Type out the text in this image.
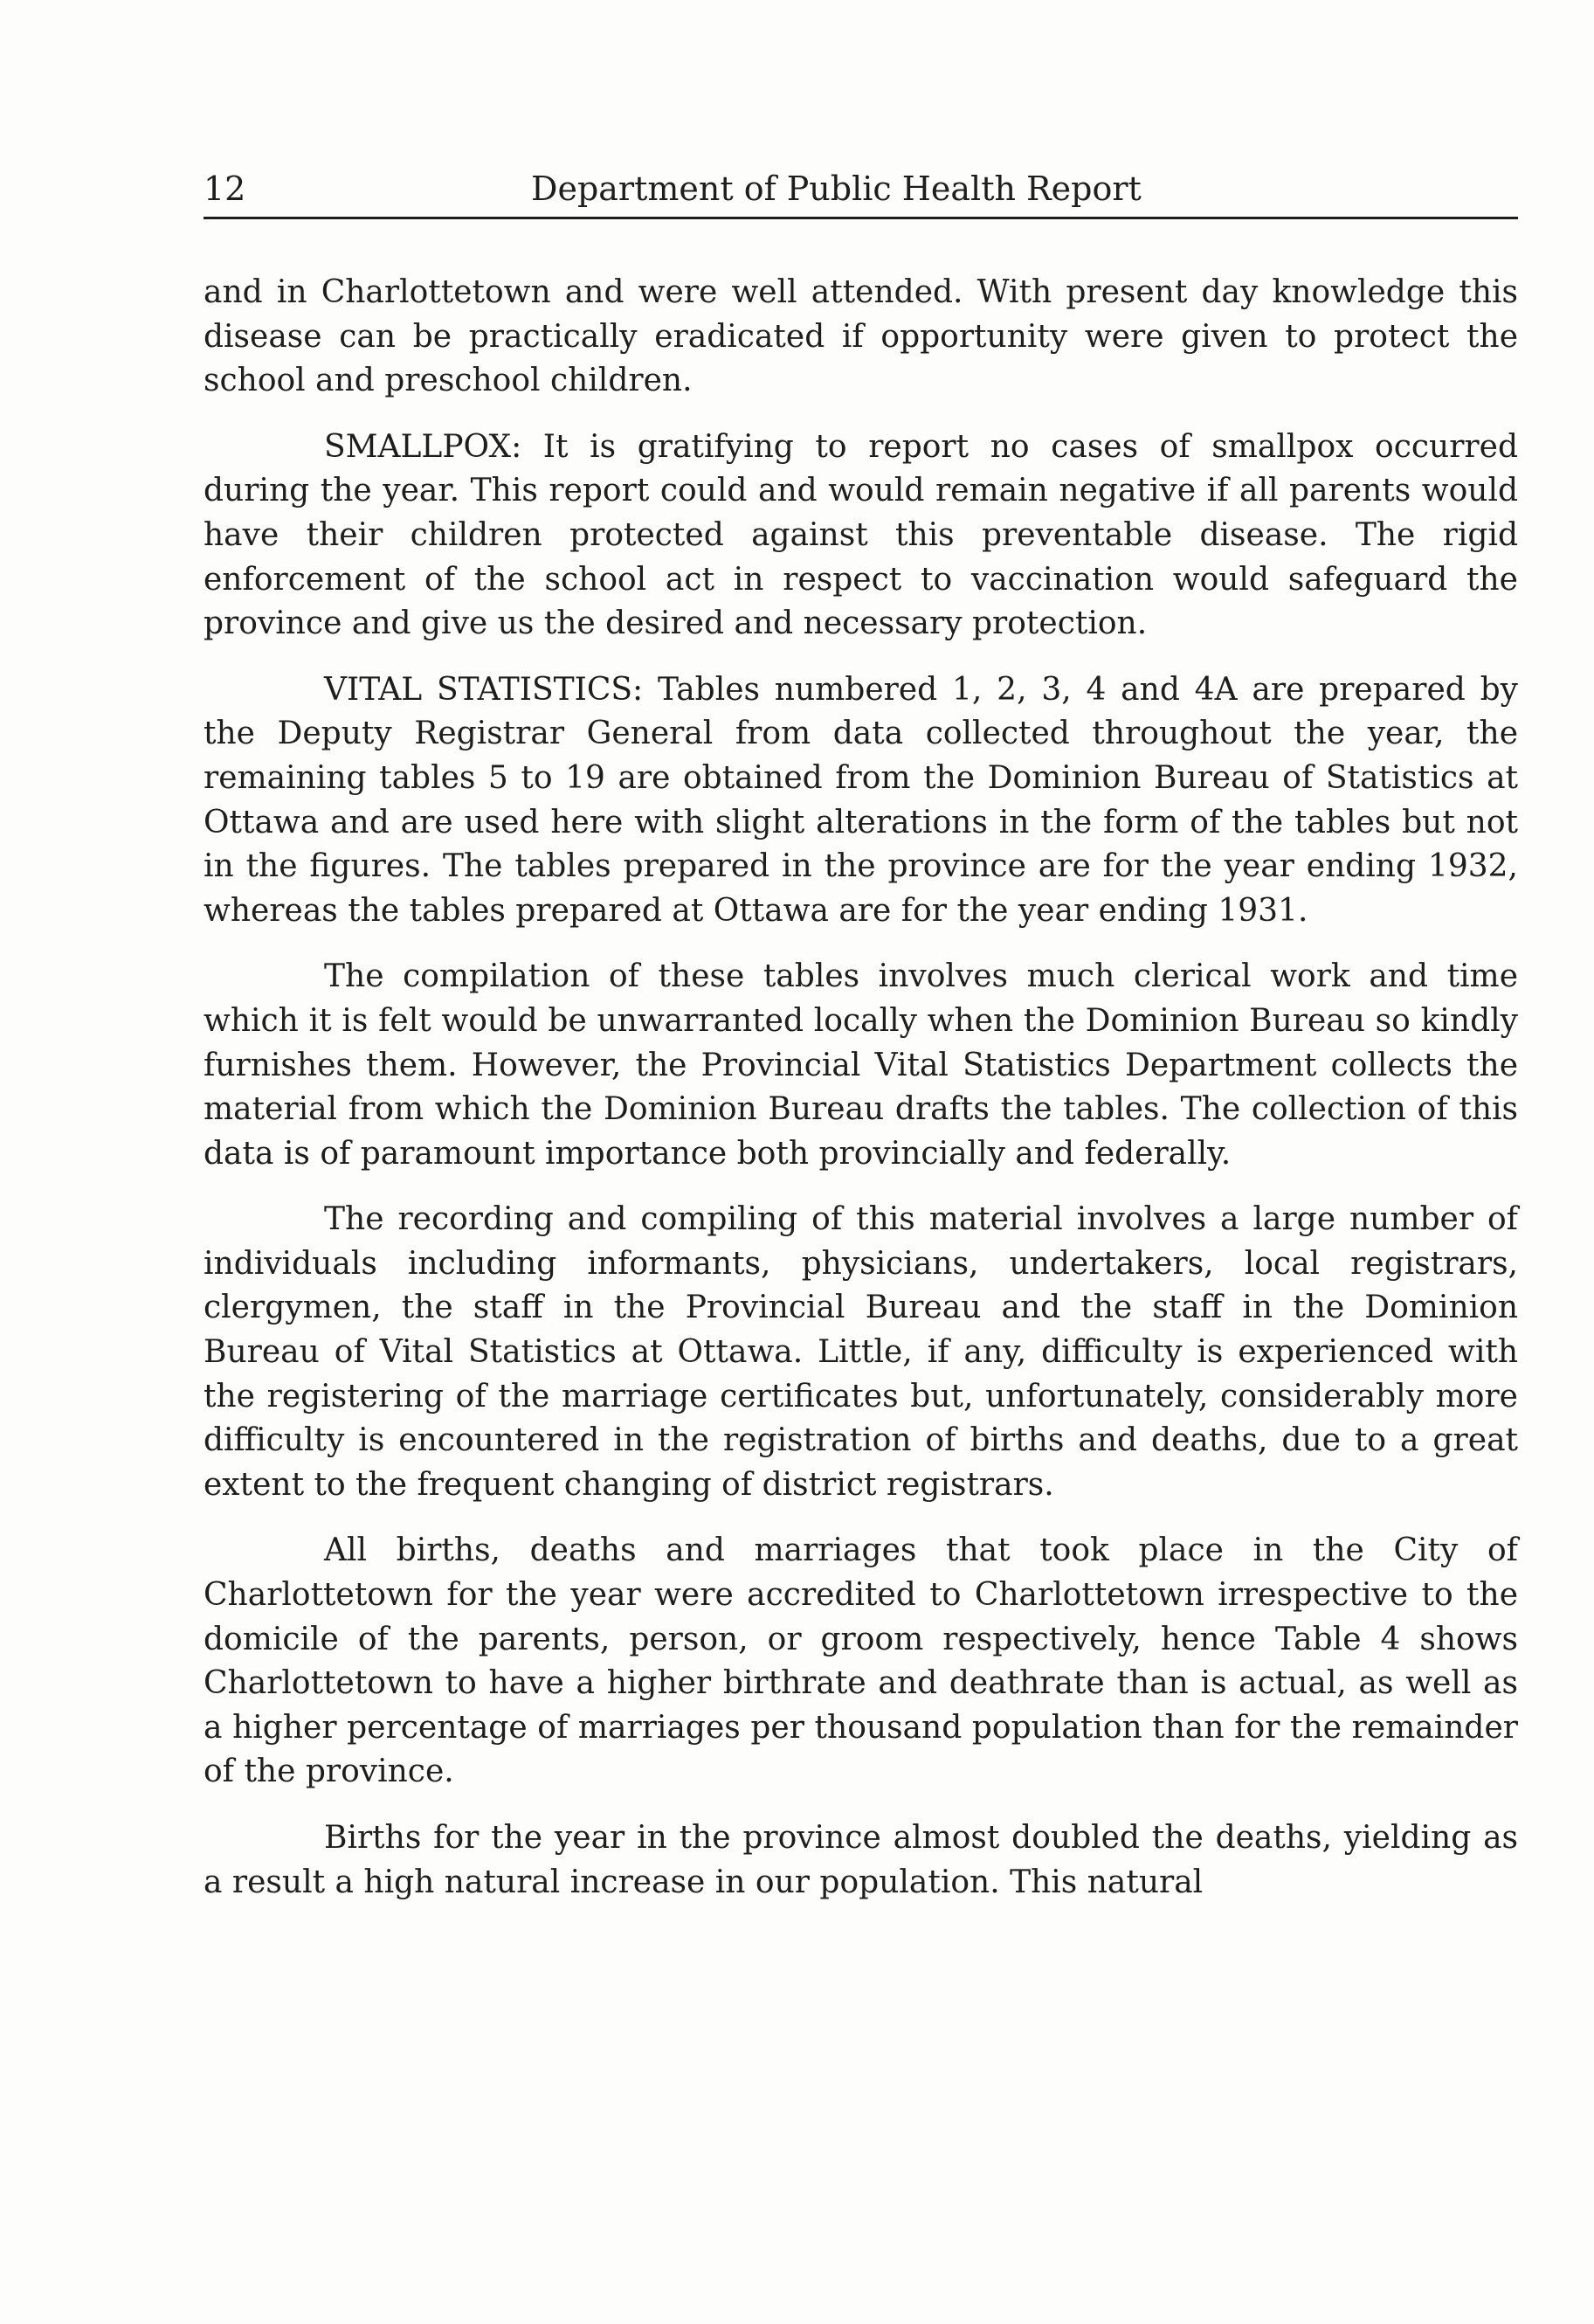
12	Department of Public Health Report

and in Charlottetown and were well attended. With present day knowledge this disease can be practically eradicated if opportunity were given to protect the school and preschool children.

SMALLPOX: It is gratifying to report no cases of smallpox occurred during the year. This report could and would remain negative if all parents would have their children protected against this preventable disease. The rigid enforcement of the school act in respect to vaccination would safeguard the province and give us the desired and necessary protection.

VITAL STATISTICS: Tables numbered 1, 2, 3, 4 and 4A are prepared by the Deputy Registrar General from data collected throughout the year, the remaining tables 5 to 19 are obtained from the Dominion Bureau of Statistics at Ottawa and are used here with slight alterations in the form of the tables but not in the figures. The tables prepared in the province are for the year ending 1932, whereas the tables prepared at Ottawa are for the year ending 1931.

The compilation of these tables involves much clerical work and time which it is felt would be unwarranted locally when the Dominion Bureau so kindly furnishes them. However, the Provincial Vital Statistics Department collects the material from which the Dominion Bureau drafts the tables. The collection of this data is of paramount importance both provincially and federally.

The recording and compiling of this material involves a large number of individuals including informants, physicians, undertakers, local registrars, clergymen, the staff in the Provincial Bureau and the staff in the Dominion Bureau of Vital Statistics at Ottawa. Little, if any, difficulty is experienced with the registering of the marriage certificates but, unfortunately, considerably more difficulty is encountered in the registration of births and deaths, due to a great extent to the frequent changing of district registrars.

All births, deaths and marriages that took place in the City of Charlottetown for the year were accredited to Charlottetown irrespective to the domicile of the parents, person, or groom respectively, hence Table 4 shows Charlottetown to have a higher birthrate and deathrate than is actual, as well as a higher percentage of marriages per thousand population than for the remainder of the province.

Births for the year in the province almost doubled the deaths, yielding as a result a high natural increase in our population. This natural
